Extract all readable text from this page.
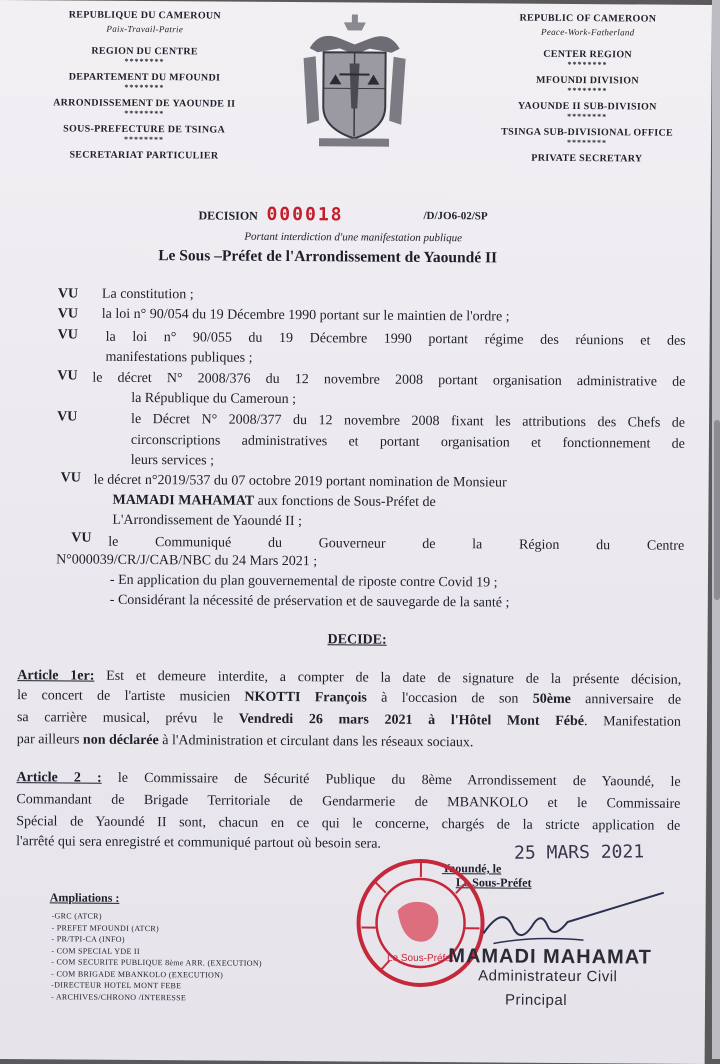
REPUBLIQUE DU CAMEROUN
Paix-Travail-Patrie
REGION DU CENTRE
********
DEPARTEMENT DU MFOUNDI
********
ARRONDISSEMENT DE YAOUNDE II
********
SOUS-PREFECTURE DE TSINGA
********
SECRETARIAT PARTICULIER
REPUBLIC OF CAMEROON
Peace-Work-Fatherland
CENTER REGION
********
MFOUNDI DIVISION
********
YAOUNDE II SUB-DIVISION
********
TSINGA SUB-DIVISIONAL OFFICE
********
PRIVATE SECRETARY
DECISION 000018	/D/JO6-02/SP
Portant interdiction d'une manifestation publique
Le Sous –Préfet de l'Arrondissement de Yaoundé II
VU La constitution ;
VU la loi n° 90/054 du 19 Décembre 1990 portant sur le maintien de l'ordre ;
VU la loi n° 90/055 du 19 Décembre 1990 portant régime des réunions et des
manifestations publiques ;
VU le décret N° 2008/376 du 12 novembre 2008 portant organisation administrative de
la République du Cameroun ;
VU	le Décret N° 2008/377 du 12 novembre 2008 fixant les attributions des Chefs de
circonscriptions administratives et portant organisation et fonctionnement de
leurs services ;
VU le décret n°2019/537 du 07 octobre 2019 portant nomination de Monsieur
MAMADI MAHAMAT aux fonctions de Sous-Préfet de
L'Arrondissement de Yaoundé II ;
VU le Communiqué du Gouverneur de la Région du Centre
N°000039/CR/J/CAB/NBC du 24 Mars 2021 ;
- En application du plan gouvernemental de riposte contre Covid 19 ;
- Considérant la nécessité de préservation et de sauvegarde de la santé ;
DECIDE:
Article 1er: Est et demeure interdite, a compter de la date de signature de la présente décision,
le concert de l'artiste musicien NKOTTI François à l'occasion de son 50ème anniversaire de
sa carrière musical, prévu le Vendredi 26 mars 2021 à l'Hôtel Mont Fébé. Manifestation
par ailleurs non déclarée à l'Administration et circulant dans les réseaux sociaux.
Article 2 : le Commissaire de Sécurité Publique du 8ème Arrondissement de Yaoundé, le
Commandant de Brigade Territoriale de Gendarmerie de MBANKOLO et le Commissaire
Spécial de Yaoundé II sont, chacun en ce qui le concerne, chargés de la stricte application de
l'arrêté qui sera enregistré et communiqué partout où besoin sera.	25 MARS 2021
Yaoundé, le
Le Sous-Préfet
Le Sous-Préfet
MAMADI MAHAMAT
Administrateur Civil
Principal
Ampliations :
-GRC (ATCR)
- PREFET MFOUNDI (ATCR)
- PR/TPI-CA (INFO)
- COM SPECIAL YDE II
- COM SECURITE PUBLIQUE 8ème ARR. (EXECUTION)
- COM BRIGADE MBANKOLO (EXECUTION)
-DIRECTEUR HOTEL MONT FEBE
- ARCHIVES/CHRONO /INTERESSE
